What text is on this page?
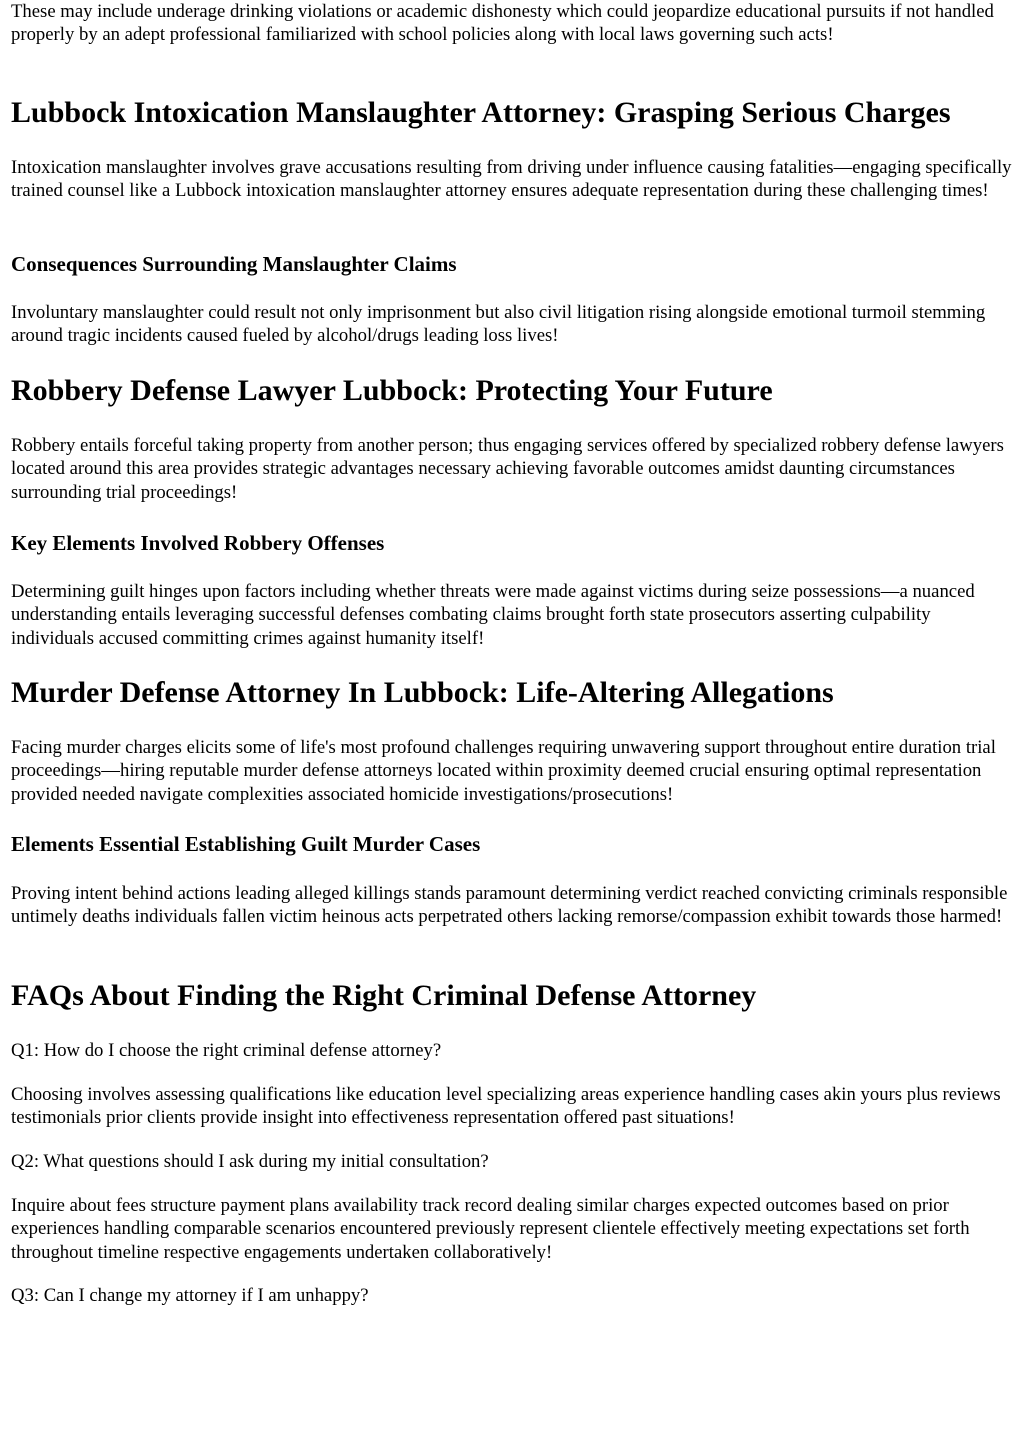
These may include underage drinking violations or academic dishonesty which could jeopardize educational pursuits if not handled properly by an adept professional familiarized with school policies along with local laws governing such acts!

Lubbock Intoxication Manslaughter Attorney: Grasping Serious Charges

Intoxication manslaughter involves grave accusations resulting from driving under influence causing fatalities—engaging specifically trained counsel like a Lubbock intoxication manslaughter attorney ensures adequate representation during these challenging times!

Consequences Surrounding Manslaughter Claims

Involuntary manslaughter could result not only imprisonment but also civil litigation rising alongside emotional turmoil stemming around tragic incidents caused fueled by alcohol/drugs leading loss lives!

Robbery Defense Lawyer Lubbock: Protecting Your Future

Robbery entails forceful taking property from another person; thus engaging services offered by specialized robbery defense lawyers located around this area provides strategic advantages necessary achieving favorable outcomes amidst daunting circumstances surrounding trial proceedings!

Key Elements Involved Robbery Offenses

Determining guilt hinges upon factors including whether threats were made against victims during seize possessions—a nuanced understanding entails leveraging successful defenses combating claims brought forth state prosecutors asserting culpability individuals accused committing crimes against humanity itself!

Murder Defense Attorney In Lubbock: Life-Altering Allegations

Facing murder charges elicits some of life's most profound challenges requiring unwavering support throughout entire duration trial proceedings—hiring reputable murder defense attorneys located within proximity deemed crucial ensuring optimal representation provided needed navigate complexities associated homicide investigations/prosecutions!

Elements Essential Establishing Guilt Murder Cases

Proving intent behind actions leading alleged killings stands paramount determining verdict reached convicting criminals responsible untimely deaths individuals fallen victim heinous acts perpetrated others lacking remorse/compassion exhibit towards those harmed!

FAQs About Finding the Right Criminal Defense Attorney

Q1: How do I choose the right criminal defense attorney?

Choosing involves assessing qualifications like education level specializing areas experience handling cases akin yours plus reviews testimonials prior clients provide insight into effectiveness representation offered past situations!

Q2: What questions should I ask during my initial consultation?

Inquire about fees structure payment plans availability track record dealing similar charges expected outcomes based on prior experiences handling comparable scenarios encountered previously represent clientele effectively meeting expectations set forth throughout timeline respective engagements undertaken collaboratively!

Q3: Can I change my attorney if I am unhappy?
